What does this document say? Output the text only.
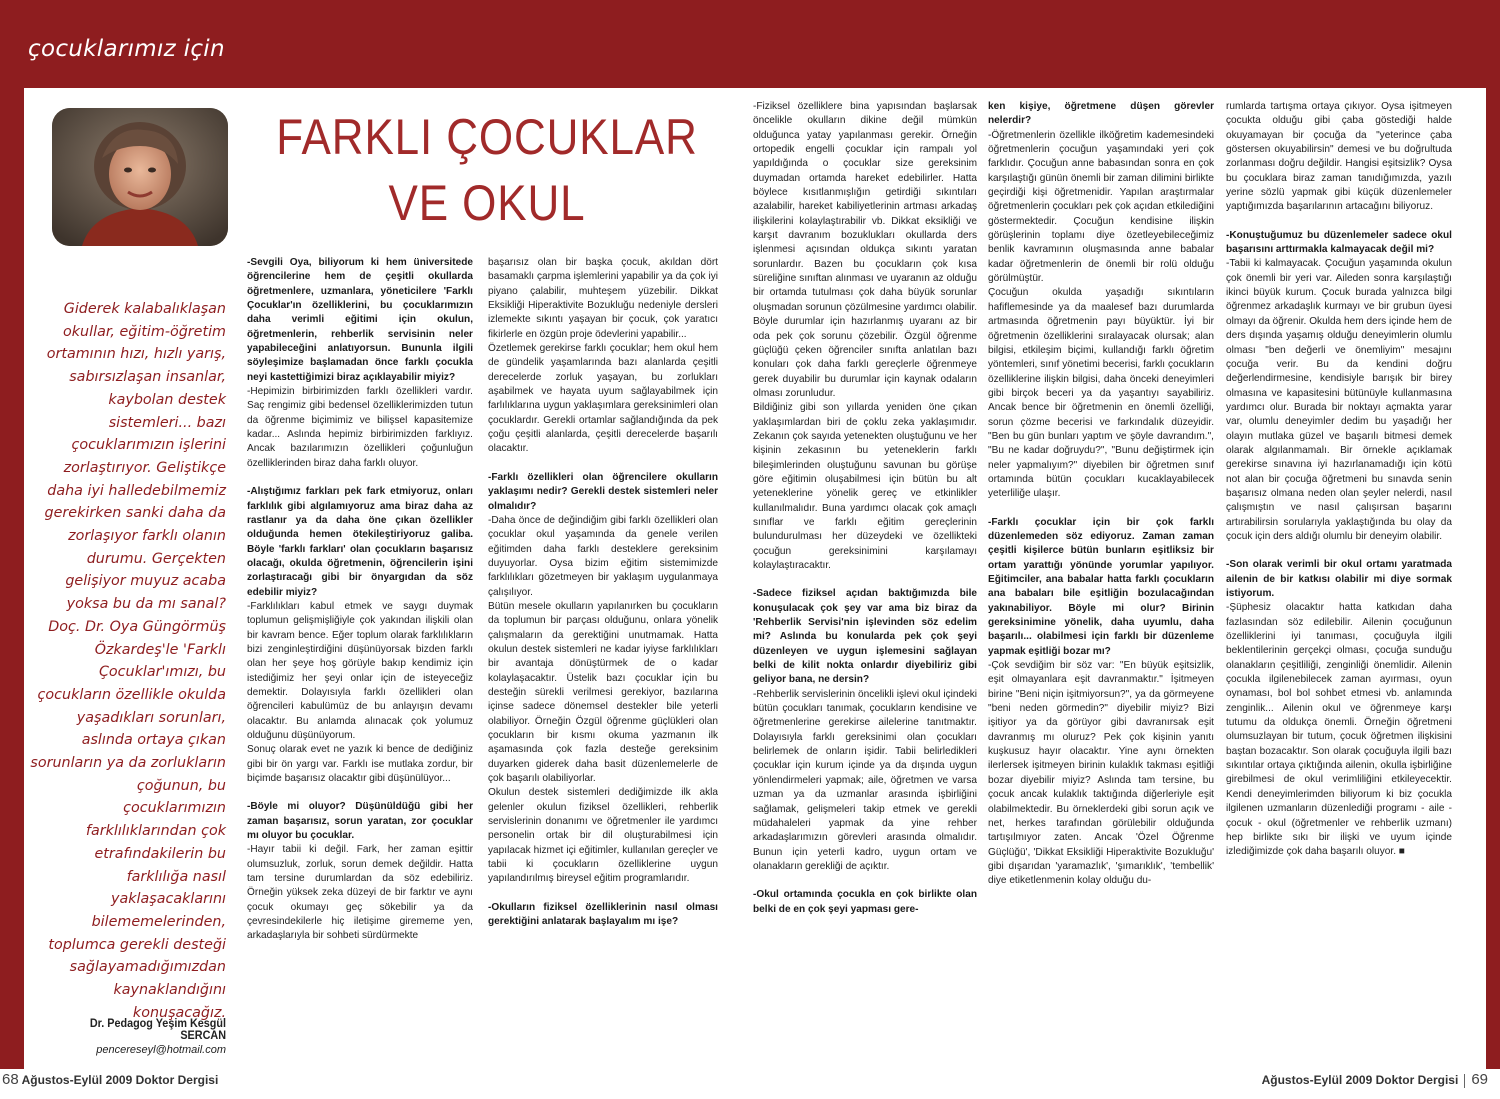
çocuklarımız için
FARKLI ÇOCUKLAR
VE OKUL
Giderek kalabalıklaşan okullar, eğitim-öğretim ortamının hızı, hızlı yarış, sabırsızlaşan insanlar, kaybolan destek sistemleri... bazı çocuklarımızın işlerini zorlaştırıyor. Geliştikçe daha iyi halledebilmemiz gerekirken sanki daha da zorlaşıyor farklı olanın durumu. Gerçekten gelişiyor muyuz acaba yoksa bu da mı sanal? Doç. Dr. Oya Güngörmüş Özkardeş'le 'Farklı Çocuklar'ımızı, bu çocukların özellikle okulda yaşadıkları sorunları, aslında ortaya çıkan sorunların ya da zorlukların çoğunun, bu çocuklarımızın farklılıklarından çok etrafındakilerin bu farklılığa nasıl yaklaşacaklarını bilememelerinden, toplumca gerekli desteği sağlayamadığımızdan kaynaklandığını konuşacağız.
Dr. Pedagog Yeşim Kesgül SERCAN
pencereseyl@hotmail.com

-Sevgili Oya, biliyorum ki hem üniversitede öğrencilerine hem de çeşitli okullarda öğretmenlere, uzmanlara, yöneticilere 'Farklı Çocuklar'ın özelliklerini, bu çocuklarımızın daha verimli eğitimi için okulun, öğretmenlerin, rehberlik servisinin neler yapabileceğini anlatıyorsun. Bununla ilgili söyleşimize başlamadan önce farklı çocukla neyi kastettiğimizi biraz açıklayabilir miyiz?

-Hepimizin birbirimizden farklı özellikleri vardır. Saç rengimiz gibi bedensel özelliklerimizden tutun da öğrenme biçimimiz ve bilişsel kapasitemize kadar... Aslında hepimiz birbirimizden farklıyız. Ancak bazılarımızın özellikleri çoğunluğun özelliklerinden biraz daha farklı oluyor.

-Alıştığımız farkları pek fark etmiyoruz, onları farklılık gibi algılamıyoruz ama biraz daha az rastlanır ya da daha öne çıkan özellikler olduğunda hemen ötekileştiriyoruz galiba. Böyle 'farklı farkları' olan çocukların başarısız olacağı, okulda öğretmenin, öğrencilerin işini zorlaştıracağı gibi bir önyargıdan da söz edebilir miyiz?

-Farklılıkları kabul etmek ve saygı duymak toplumun gelişmişliğiyle çok yakından ilişkili olan bir kavram bence. Eğer toplum olarak farklılıkların bizi zenginleştirdiğini düşünüyorsak bizden farklı olan her şeye hoş görüyle bakıp kendimiz için istediğimiz her şeyi onlar için de isteyeceğiz demektir. Dolayısıyla farklı özellikleri olan öğrencileri kabulümüz de bu anlayışın devamı olacaktır. Bu anlamda alınacak çok yolumuz olduğunu düşünüyorum.

Sonuç olarak evet ne yazık ki bence de dediğiniz gibi bir ön yargı var. Farklı ise mutlaka zordur, bir biçimde başarısız olacaktır gibi düşünülüyor...

-Böyle mi oluyor? Düşünüldüğü gibi her zaman başarısız, sorun yaratan, zor çocuklar mı oluyor bu çocuklar.

-Hayır tabii ki değil. Fark, her zaman eşittir olumsuzluk, zorluk, sorun demek değildir. Hatta tam tersine durumlardan da söz edebiliriz. Örneğin yüksek zeka düzeyi de bir farktır ve aynı çocuk okumayı geç sökebilir ya da çevresindekilerle hiç iletişime girememe yen, arkadaşlarıyla bir sohbeti sürdürmekte

başarısız olan bir başka çocuk, akıldan dört basamaklı çarpma işlemlerini yapabilir ya da çok iyi piyano çalabilir, muhteşem yüzebilir. Dikkat Eksikliği Hiperaktivite Bozukluğu nedeniyle dersleri izlemekte sıkıntı yaşayan bir çocuk, çok yaratıcı fikirlerle en özgün proje ödevlerini yapabilir...

Özetlemek gerekirse farklı çocuklar; hem okul hem de gündelik yaşamlarında bazı alanlarda çeşitli derecelerde zorluk yaşayan, bu zorlukları aşabilmek ve hayata uyum sağlayabilmek için farlılıklarına uygun yaklaşımlara gereksinimleri olan çocuklardır. Gerekli ortamlar sağlandığında da pek çoğu çeşitli alanlarda, çeşitli derecelerde başarılı olacaktır.

-Farklı özellikleri olan öğrencilere okulların yaklaşımı nedir? Gerekli destek sistemleri neler olmalıdır?

-Daha önce de değindiğim gibi farklı özellikleri olan çocuklar okul yaşamında da genele verilen eğitimden daha farklı desteklere gereksinim duyuyorlar. Oysa bizim eğitim sistemimizde farklılıkları gözetmeyen bir yaklaşım uygulanmaya çalışılıyor.

Bütün mesele okulların yapılanırken bu çocukların da toplumun bir parçası olduğunu, onlara yönelik çalışmaların da gerektiğini unutmamak. Hatta okulun destek sistemleri ne kadar iyiyse farklılıkları bir avantaja dönüştürmek de o kadar kolaylaşacaktır. Üstelik bazı çocuklar için bu desteğin sürekli verilmesi gerekiyor, bazılarına içinse sadece dönemsel destekler bile yeterli olabiliyor. Örneğin Özgül öğrenme güçlükleri olan çocukların bir kısmı okuma yazmanın ilk aşamasında çok fazla desteğe gereksinim duyarken giderek daha basit düzenlemelerle de çok başarılı olabiliyorlar.

Okulun destek sistemleri dediğimizde ilk akla gelenler okulun fiziksel özellikleri, rehberlik servislerinin donanımı ve öğretmenler ile yardımcı personelin ortak bir dil oluşturabilmesi için yapılacak hizmet içi eğitimler, kullanılan gereçler ve tabii ki çocukların özelliklerine uygun yapılandırılmış bireysel eğitim programlarıdır.

-Okulların fiziksel özelliklerinin nasıl olması gerektiğini anlatarak başlayalım mı işe?

-Fiziksel özelliklere bina yapısından başlarsak öncelikle okulların dikine değil mümkün olduğunca yatay yapılanması gerekir. Örneğin ortopedik engelli çocuklar için rampalı yol yapıldığında o çocuklar size gereksinim duymadan ortamda hareket edebilirler. Hatta böylece kısıtlanmışlığın getirdiği sıkıntıları azalabilir, hareket kabiliyetlerinin artması arkadaş ilişkilerini kolaylaştırabilir vb. Dikkat eksikliği ve karşıt davranım bozuklukları okullarda ders işlenmesi açısından oldukça sıkıntı yaratan sorunlardır. Bazen bu çocukların çok kısa süreliğine sınıftan alınması ve uyaranın az olduğu bir ortamda tutulması çok daha büyük sorunlar oluşmadan sorunun çözülmesine yardımcı olabilir. Böyle durumlar için hazırlanmış uyaranı az bir oda pek çok sorunu çözebilir. Özgül öğrenme güçlüğü çeken öğrenciler sınıfta anlatılan bazı konuları çok daha farklı gereçlerle öğrenmeye gerek duyabilir bu durumlar için kaynak odaların olması zorunludur.

Bildiğiniz gibi son yıllarda yeniden öne çıkan yaklaşımlardan biri de çoklu zeka yaklaşımıdır. Zekanın çok sayıda yetenekten oluştuğunu ve her kişinin zekasının bu yeteneklerin farklı bileşimlerinden oluştuğunu savunan bu görüşe göre eğitimin oluşabilmesi için bütün bu alt yeteneklerine yönelik gereç ve etkinlikler kullanılmalıdır. Buna yardımcı olacak çok amaçlı sınıflar ve farklı eğitim gereçlerinin bulundurulması her düzeydeki ve özellikteki çocuğun gereksinimini karşılamayı kolaylaştıracaktır.

-Sadece fiziksel açıdan baktığımızda bile konuşulacak çok şey var ama biz biraz da 'Rehberlik Servisi'nin işlevinden söz edelim mi? Aslında bu konularda pek çok şeyi düzenleyen ve uygun işlemesini sağlayan belki de kilit nokta onlardır diyebiliriz gibi geliyor bana, ne dersin?

-Rehberlik servislerinin öncelikli işlevi okul içindeki bütün çocukları tanımak, çocukların kendisine ve öğretmenlerine gerekirse ailelerine tanıtmaktır. Dolayısıyla farklı gereksinimi olan çocukları belirlemek de onların işidir. Tabii belirledikleri çocuklar için kurum içinde ya da dışında uygun yönlendirmeleri yapmak; aile, öğretmen ve varsa uzman ya da uzmanlar arasında işbirliğini sağlamak, gelişmeleri takip etmek ve gerekli müdahaleleri yapmak da yine rehber arkadaşlarımızın görevleri arasında olmalıdır. Bunun için yeterli kadro, uygun ortam ve olanakların gerekliği de açıktır.

-Okul ortamında çocukla en çok birlikte olan belki de en çok şeyi yapması gere-

ken kişiye, öğretmene düşen görevler nelerdir?

-Öğretmenlerin özellikle ilköğretim kademesindeki öğretmenlerin çocuğun yaşamındaki yeri çok farklıdır. Çocuğun anne babasından sonra en çok karşılaştığı günün önemli bir zaman dilimini birlikte geçirdiği kişi öğretmenidir. Yapılan araştırmalar öğretmenlerin çocukları pek çok açıdan etkilediğini göstermektedir. Çocuğun kendisine ilişkin görüşlerinin toplamı diye özetleyebileceğimiz benlik kavramının oluşmasında anne babalar kadar öğretmenlerin de önemli bir rolü olduğu görülmüştür.

Çocuğun okulda yaşadığı sıkıntıların hafiflemesinde ya da maalesef bazı durumlarda artmasında öğretmenin payı büyüktür. İyi bir öğretmenin özelliklerini sıralayacak olursak; alan bilgisi, etkileşim biçimi, kullandığı farklı öğretim yöntemleri, sınıf yönetimi becerisi, farklı çocukların özelliklerine ilişkin bilgisi, daha önceki deneyimleri gibi birçok beceri ya da yaşantıyı sayabiliriz. Ancak bence bir öğretmenin en önemli özelliği, sorun çözme becerisi ve farkındalık düzeyidir. "Ben bu gün bunları yaptım ve şöyle davrandım.", "Bu ne kadar doğruydu?", "Bunu değiştirmek için neler yapmalıyım?" diyebilen bir öğretmen sınıf ortamında bütün çocukları kucaklayabilecek yeterliliğe ulaşır.

-Farklı çocuklar için bir çok farklı düzenlemeden söz ediyoruz. Zaman zaman çeşitli kişilerce bütün bunların eşitliksiz bir ortam yarattığı yönünde yorumlar yapılıyor. Eğitimciler, ana babalar hatta farklı çocukların ana babaları bile eşitliğin bozulacağından yakınabiliyor. Böyle mi olur? Birinin gereksinimine yönelik, daha uyumlu, daha başarılı... olabilmesi için farklı bir düzenleme yapmak eşitliği bozar mı?

-Çok sevdiğim bir söz var: "En büyük eşitsizlik, eşit olmayanlara eşit davranmaktır." İşitmeyen birine "Beni niçin işitmiyorsun?", ya da görmeyene "beni neden görmedin?" diyebilir miyiz? Bizi işitiyor ya da görüyor gibi davranırsak eşit davranmış mı oluruz? Pek çok kişinin yanıtı kuşkusuz hayır olacaktır. Yine aynı örnekten ilerlersek işitmeyen birinin kulaklık takması eşitliği bozar diyebilir miyiz? Aslında tam tersine, bu çocuk ancak kulaklık taktığında diğerleriyle eşit olabilmektedir. Bu örneklerdeki gibi sorun açık ve net, herkes tarafından görülebilir olduğunda tartışılmıyor zaten. Ancak 'Özel Öğrenme Güçlüğü', 'Dikkat Eksikliği Hiperaktivite Bozukluğu' gibi dışarıdan 'yaramazlık', 'şımarıklık', 'tembellik' diye etiketlenmenin kolay olduğu du-

rumlarda tartışma ortaya çıkıyor. Oysa işitmeyen çocukta olduğu gibi çaba göstediği halde okuyamayan bir çocuğa da "yeterince çaba göstersen okuyabilirsin" demesi ve bu doğrultuda zorlanması doğru değildir. Hangisi eşitsizlik? Oysa bu çocuklara biraz zaman tanıdığımızda, yazılı yerine sözlü yapmak gibi küçük düzenlemeler yaptığımızda başarılarının artacağını biliyoruz.

-Konuştuğumuz bu düzenlemeler sadece okul başarısını arttırmakla kalmayacak değil mi?

-Tabii ki kalmayacak. Çocuğun yaşamında okulun çok önemli bir yeri var. Aileden sonra karşılaştığı ikinci büyük kurum. Çocuk burada yalnızca bilgi öğrenmez arkadaşlık kurmayı ve bir grubun üyesi olmayı da öğrenir. Okulda hem ders içinde hem de ders dışında yaşamış olduğu deneyimlerin olumlu olması "ben değerli ve önemliyim" mesajını çocuğa verir. Bu da kendini doğru değerlendirmesine, kendisiyle barışık bir birey olmasına ve kapasitesini bütünüyle kullanmasına yardımcı olur. Burada bir noktayı açmakta yarar var, olumlu deneyimler dedim bu yaşadığı her olayın mutlaka güzel ve başarılı bitmesi demek olarak algılanmamalı. Bir örnekle açıklamak gerekirse sınavına iyi hazırlanamadığı için kötü not alan bir çocuğa öğretmeni bu sınavda senin başarısız olmana neden olan şeyler nelerdi, nasıl çalışmıştın ve nasıl çalışırsan başarını artırabilirsin sorularıyla yaklaştığında bu olay da çocuk için ders aldığı olumlu bir deneyim olabilir.

-Son olarak verimli bir okul ortamı yaratmada ailenin de bir katkısı olabilir mi diye sormak istiyorum.

-Şüphesiz olacaktır hatta katkıdan daha fazlasından söz edilebilir. Ailenin çocuğunun özelliklerini iyi tanıması, çocuğuyla ilgili beklentilerinin gerçekçi olması, çocuğa sunduğu olanakların çeşitliliği, zenginliği önemlidir. Ailenin çocukla ilgilenebilecek zaman ayırması, oyun oynaması, bol bol sohbet etmesi vb. anlamında zenginlik... Ailenin okul ve öğrenmeye karşı tutumu da oldukça önemli. Örneğin öğretmeni olumsuzlayan bir tutum, çocuk öğretmen ilişkisini baştan bozacaktır. Son olarak çocuğuyla ilgili bazı sıkıntılar ortaya çıktığında ailenin, okulla işbirliğine girebilmesi de okul verimliliğini etkileyecektir. Kendi deneyimlerimden biliyorum ki biz çocukla ilgilenen uzmanların düzenlediği programı - aile - çocuk - okul (öğretmenler ve rehberlik uzmanı) hep birlikte sıkı bir ilişki ve uyum içinde izlediğimizde çok daha başarılı oluyor. ■

68 Ağustos-Eylül 2009 Doktor Dergisi	Ağustos-Eylül 2009 Doktor Dergisi 69
